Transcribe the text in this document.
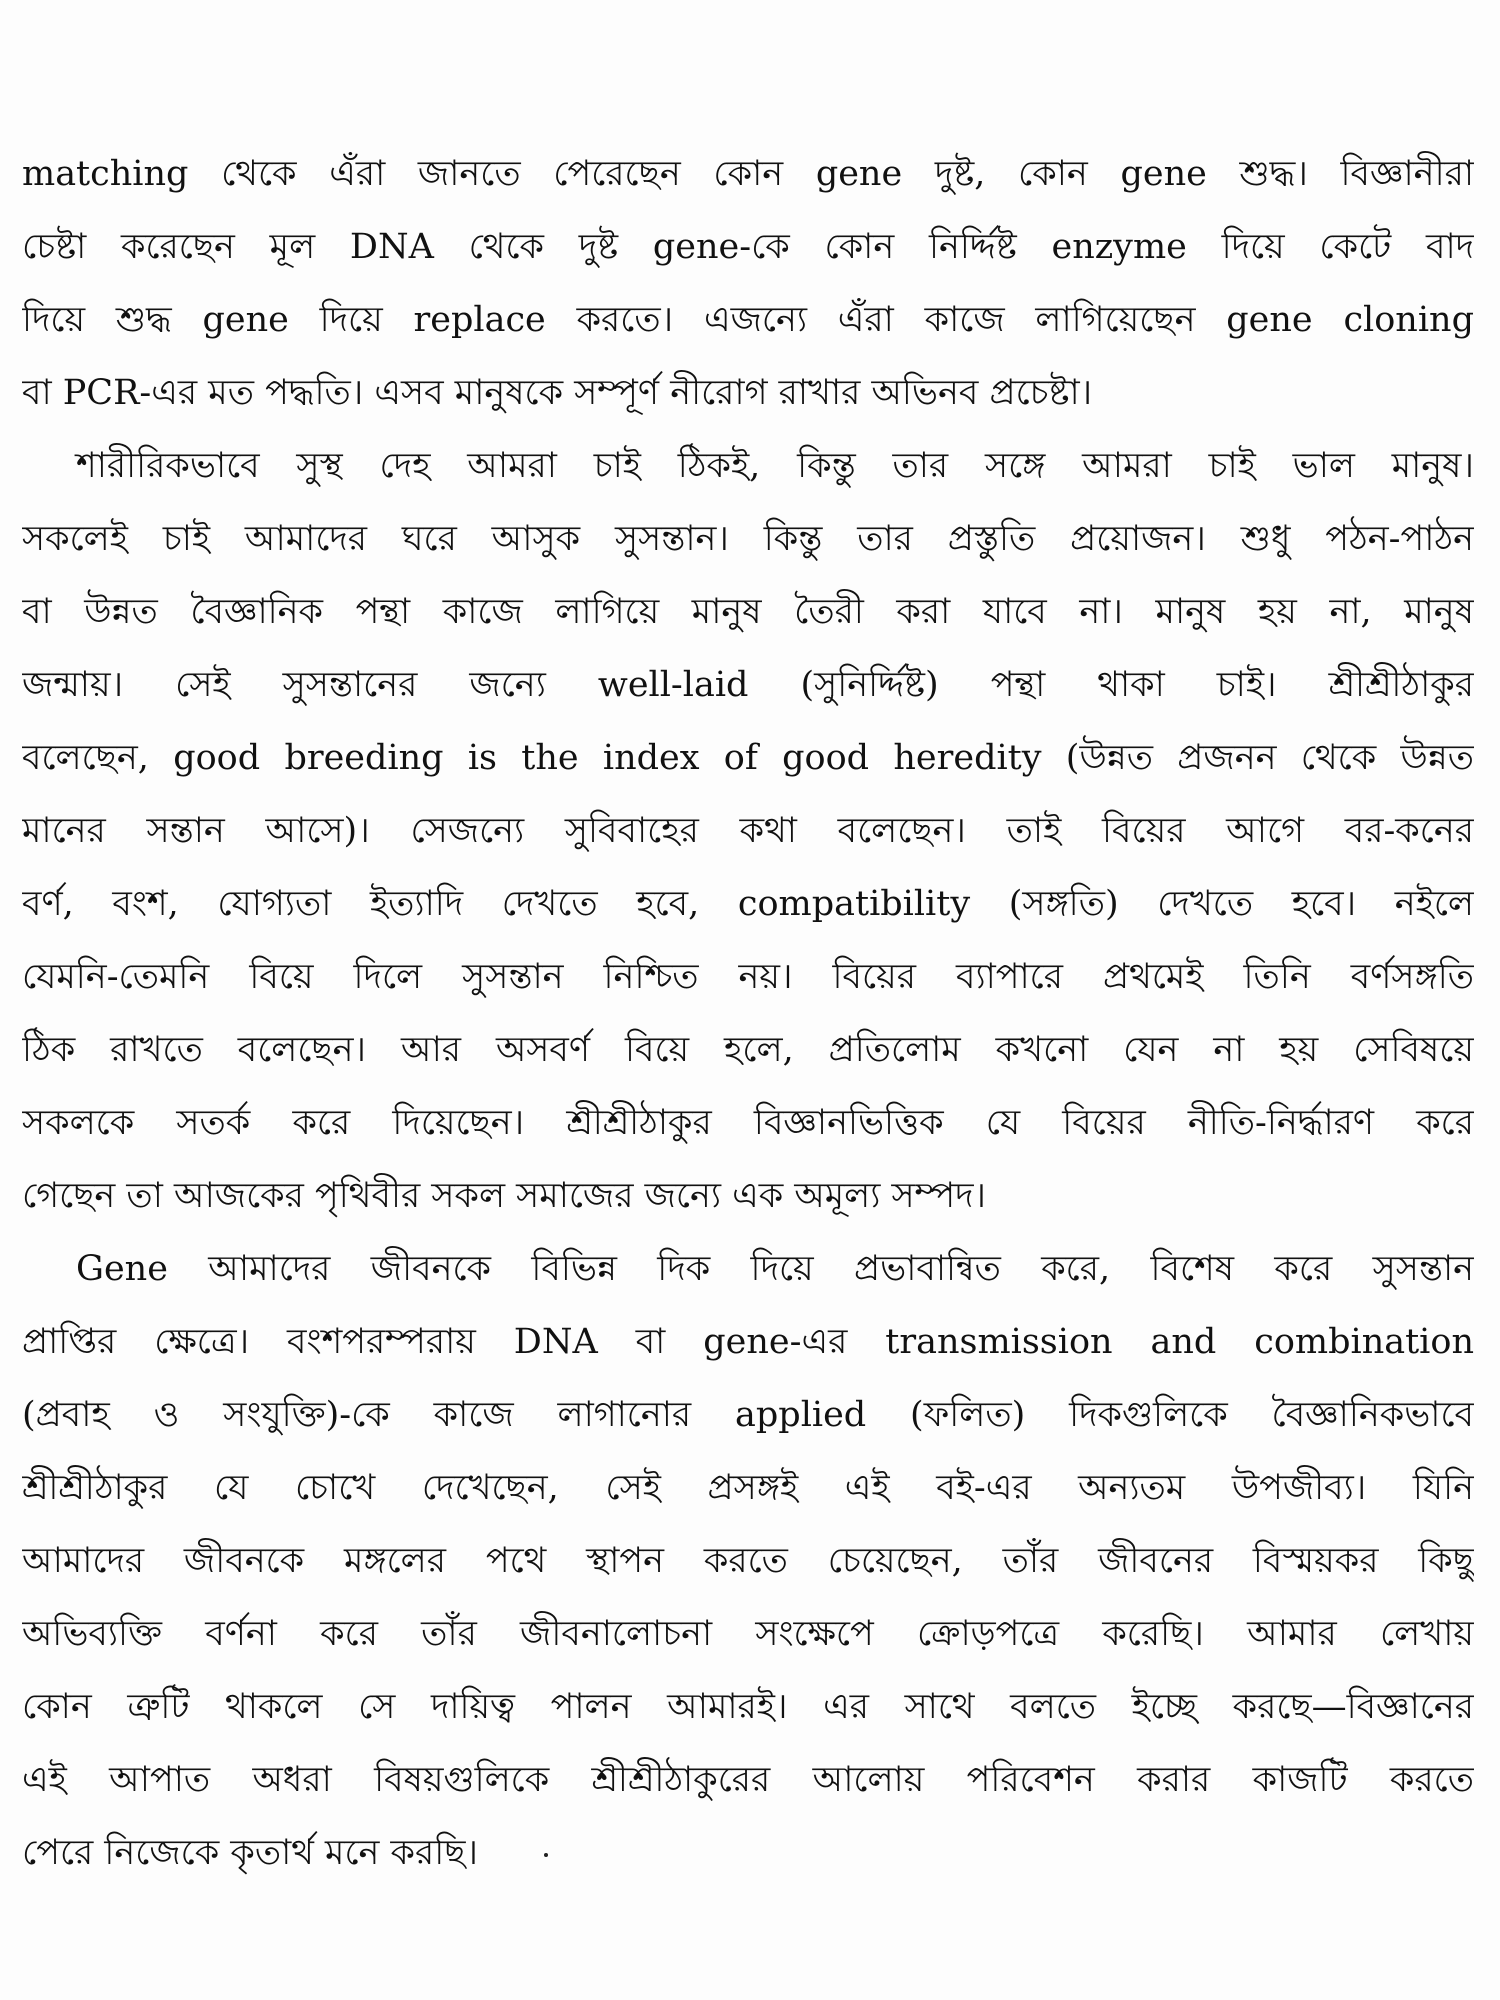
matching থেকে এঁরা জানতে পেরেছেন কোন gene দুষ্ট, কোন gene শুদ্ধ। বিজ্ঞানীরা
চেষ্টা করেছেন মূল DNA থেকে দুষ্ট gene-কে কোন নির্দ্দিষ্ট enzyme দিয়ে কেটে বাদ
দিয়ে শুদ্ধ gene দিয়ে replace করতে। এজন্যে এঁরা কাজে লাগিয়েছেন gene cloning
বা PCR-এর মত পদ্ধতি। এসব মানুষকে সম্পূর্ণ নীরোগ রাখার অভিনব প্রচেষ্টা।

শারীরিকভাবে সুস্থ দেহ আমরা চাই ঠিকই, কিন্তু তার সঙ্গে আমরা চাই ভাল মানুষ।
সকলেই চাই আমাদের ঘরে আসুক সুসন্তান। কিন্তু তার প্রস্তুতি প্রয়োজন। শুধু পঠন-পাঠন
বা উন্নত বৈজ্ঞানিক পন্থা কাজে লাগিয়ে মানুষ তৈরী করা যাবে না। মানুষ হয় না, মানুষ
জন্মায়। সেই সুসন্তানের জন্যে well-laid (সুনির্দ্দিষ্ট) পন্থা থাকা চাই। শ্রীশ্রীঠাকুর
বলেছেন, good breeding is the index of good heredity (উন্নত প্রজনন থেকে উন্নত
মানের সন্তান আসে)। সেজন্যে সুবিবাহের কথা বলেছেন। তাই বিয়ের আগে বর-কনের
বর্ণ, বংশ, যোগ্যতা ইত্যাদি দেখতে হবে, compatibility (সঙ্গতি) দেখতে হবে। নইলে
যেমনি-তেমনি বিয়ে দিলে সুসন্তান নিশ্চিত নয়। বিয়ের ব্যাপারে প্রথমেই তিনি বর্ণসঙ্গতি
ঠিক রাখতে বলেছেন। আর অসবর্ণ বিয়ে হলে, প্রতিলোম কখনো যেন না হয় সেবিষয়ে
সকলকে সতর্ক করে দিয়েছেন। শ্রীশ্রীঠাকুর বিজ্ঞানভিত্তিক যে বিয়ের নীতি-নির্দ্ধারণ করে
গেছেন তা আজকের পৃথিবীর সকল সমাজের জন্যে এক অমূল্য সম্পদ।

Gene আমাদের জীবনকে বিভিন্ন দিক দিয়ে প্রভাবান্বিত করে, বিশেষ করে সুসন্তান
প্রাপ্তির ক্ষেত্রে। বংশপরম্পরায় DNA বা gene-এর transmission and combination
(প্রবাহ ও সংযুক্তি)-কে কাজে লাগানোর applied (ফলিত) দিকগুলিকে বৈজ্ঞানিকভাবে
শ্রীশ্রীঠাকুর যে চোখে দেখেছেন, সেই প্রসঙ্গই এই বই-এর অন্যতম উপজীব্য। যিনি
আমাদের জীবনকে মঙ্গলের পথে স্থাপন করতে চেয়েছেন, তাঁর জীবনের বিস্ময়কর কিছু
অভিব্যক্তি বর্ণনা করে তাঁর জীবনালোচনা সংক্ষেপে ক্রোড়পত্রে করেছি। আমার লেখায়
কোন ত্রুটি থাকলে সে দায়িত্ব পালন আমারই। এর সাথে বলতে ইচ্ছে করছে—বিজ্ঞানের
এই আপাত অধরা বিষয়গুলিকে শ্রীশ্রীঠাকুরের আলোয় পরিবেশন করার কাজটি করতে
পেরে নিজেকে কৃতার্থ মনে করছি।
